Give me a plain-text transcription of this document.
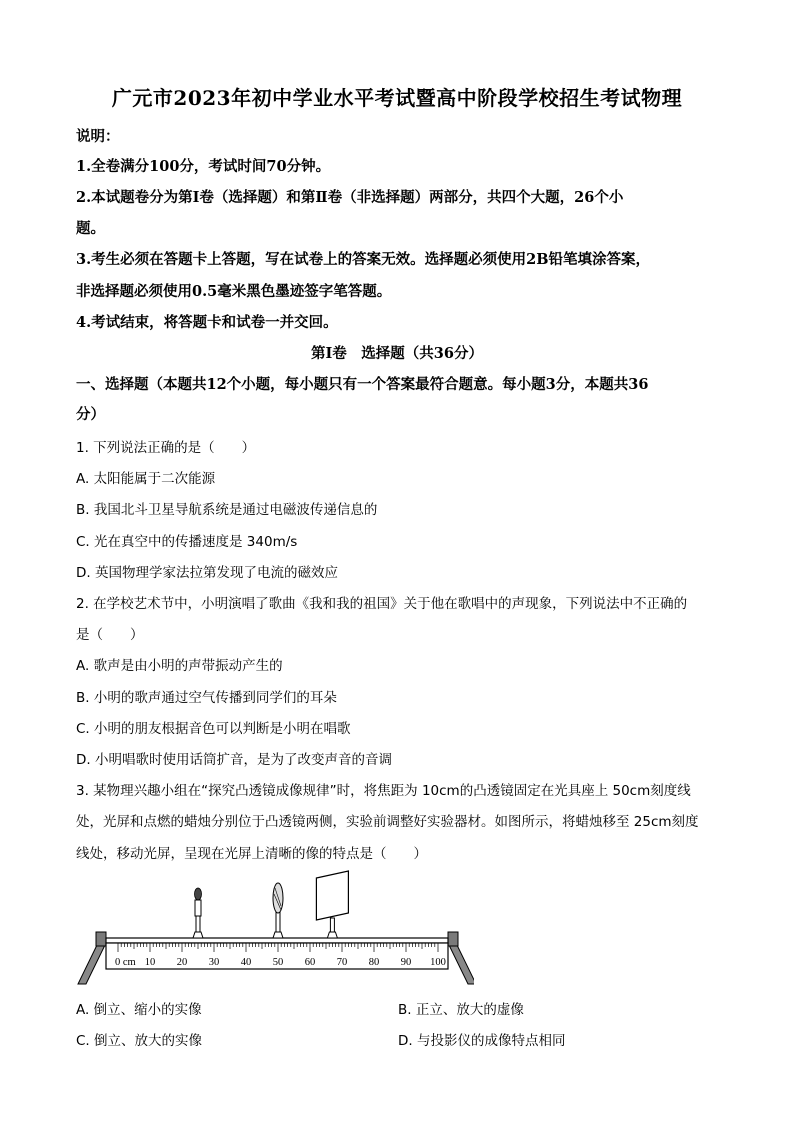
广元市2023年初中学业水平考试暨高中阶段学校招生考试物理
说明：
1.全卷满分100分，考试时间70分钟。
2.本试题卷分为第Ⅰ卷（选择题）和第Ⅱ卷（非选择题）两部分，共四个大题，26个小
题。
3.考生必须在答题卡上答题，写在试卷上的答案无效。选择题必须使用2B铅笔填涂答案，
非选择题必须使用0.5毫米黑色墨迹签字笔答题。
4.考试结束，将答题卡和试卷一并交回。
第Ⅰ卷　选择题（共36分）
一、选择题（本题共12个小题，每小题只有一个答案最符合题意。每小题3分，本题共36
分）
1. 下列说法正确的是（　　）
A. 太阳能属于二次能源
B. 我国北斗卫星导航系统是通过电磁波传递信息的
C. 光在真空中的传播速度是 340m/s
D. 英国物理学家法拉第发现了电流的磁效应
2. 在学校艺术节中，小明演唱了歌曲《我和我的祖国》关于他在歌唱中的声现象，下列说法中不正确的
是（　　）
A. 歌声是由小明的声带振动产生的
B. 小明的歌声通过空气传播到同学们的耳朵
C. 小明的朋友根据音色可以判断是小明在唱歌
D. 小明唱歌时使用话筒扩音，是为了改变声音的音调
3. 某物理兴趣小组在“探究凸透镜成像规律”时，将焦距为 10cm的凸透镜固定在光具座上 50cm刻度线
处，光屏和点燃的蜡烛分别位于凸透镜两侧，实验前调整好实验器材。如图所示，将蜡烛移至 25cm刻度
线处，移动光屏，呈现在光屏上清晰的像的特点是（　　）
0 cm 10 20 30 40 50 60 70 80 90 100
A. 倒立、缩小的实像	B. 正立、放大的虚像
C. 倒立、放大的实像	D. 与投影仪的成像特点相同
